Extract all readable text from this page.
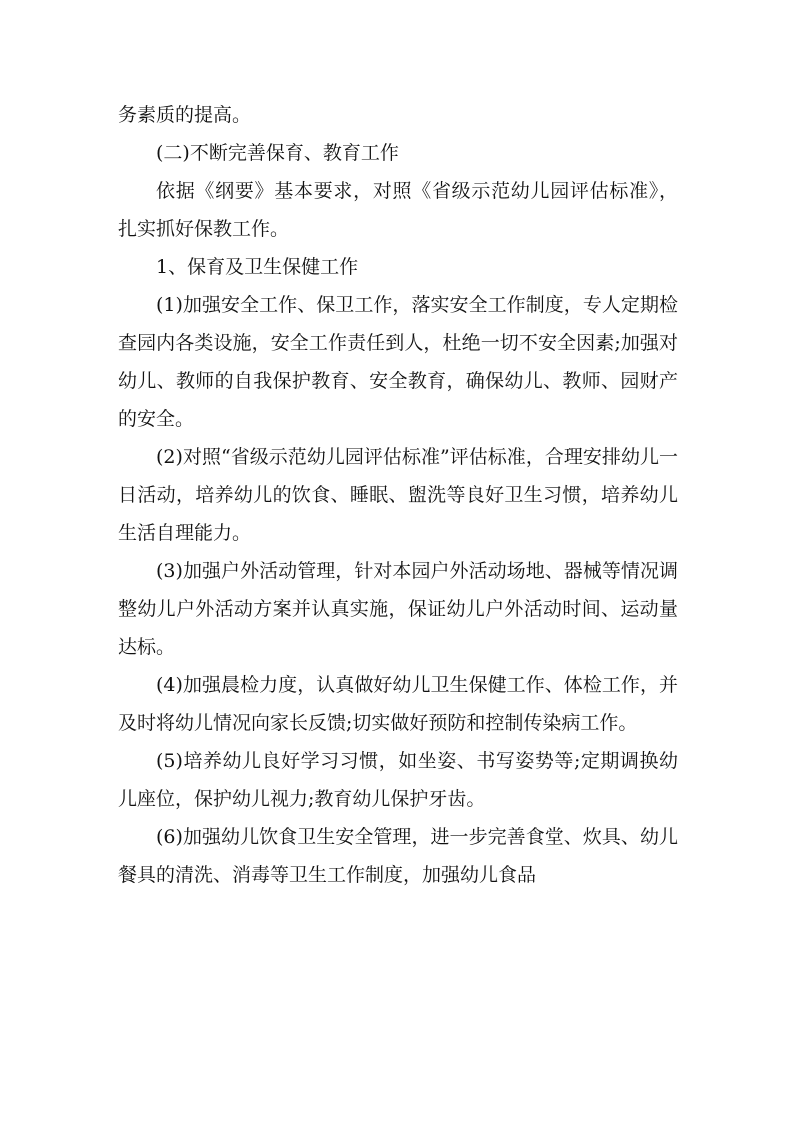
务素质的提高。

(二)不断完善保育、教育工作

依据《纲要》基本要求，对照《省级示范幼儿园评估标准》，扎实抓好保教工作。

1、保育及卫生保健工作

(1)加强安全工作、保卫工作，落实安全工作制度，专人定期检查园内各类设施，安全工作责任到人，杜绝一切不安全因素;加强对幼儿、教师的自我保护教育、安全教育，确保幼儿、教师、园财产的安全。

(2)对照“省级示范幼儿园评估标准”评估标准，合理安排幼儿一日活动，培养幼儿的饮食、睡眠、盥洗等良好卫生习惯，培养幼儿生活自理能力。

(3)加强户外活动管理，针对本园户外活动场地、器械等情况调整幼儿户外活动方案并认真实施，保证幼儿户外活动时间、运动量达标。

(4)加强晨检力度，认真做好幼儿卫生保健工作、体检工作，并及时将幼儿情况向家长反馈;切实做好预防和控制传染病工作。

(5)培养幼儿良好学习习惯，如坐姿、书写姿势等;定期调换幼儿座位，保护幼儿视力;教育幼儿保护牙齿。

(6)加强幼儿饮食卫生安全管理，进一步完善食堂、炊具、幼儿餐具的清洗、消毒等卫生工作制度，加强幼儿食品
